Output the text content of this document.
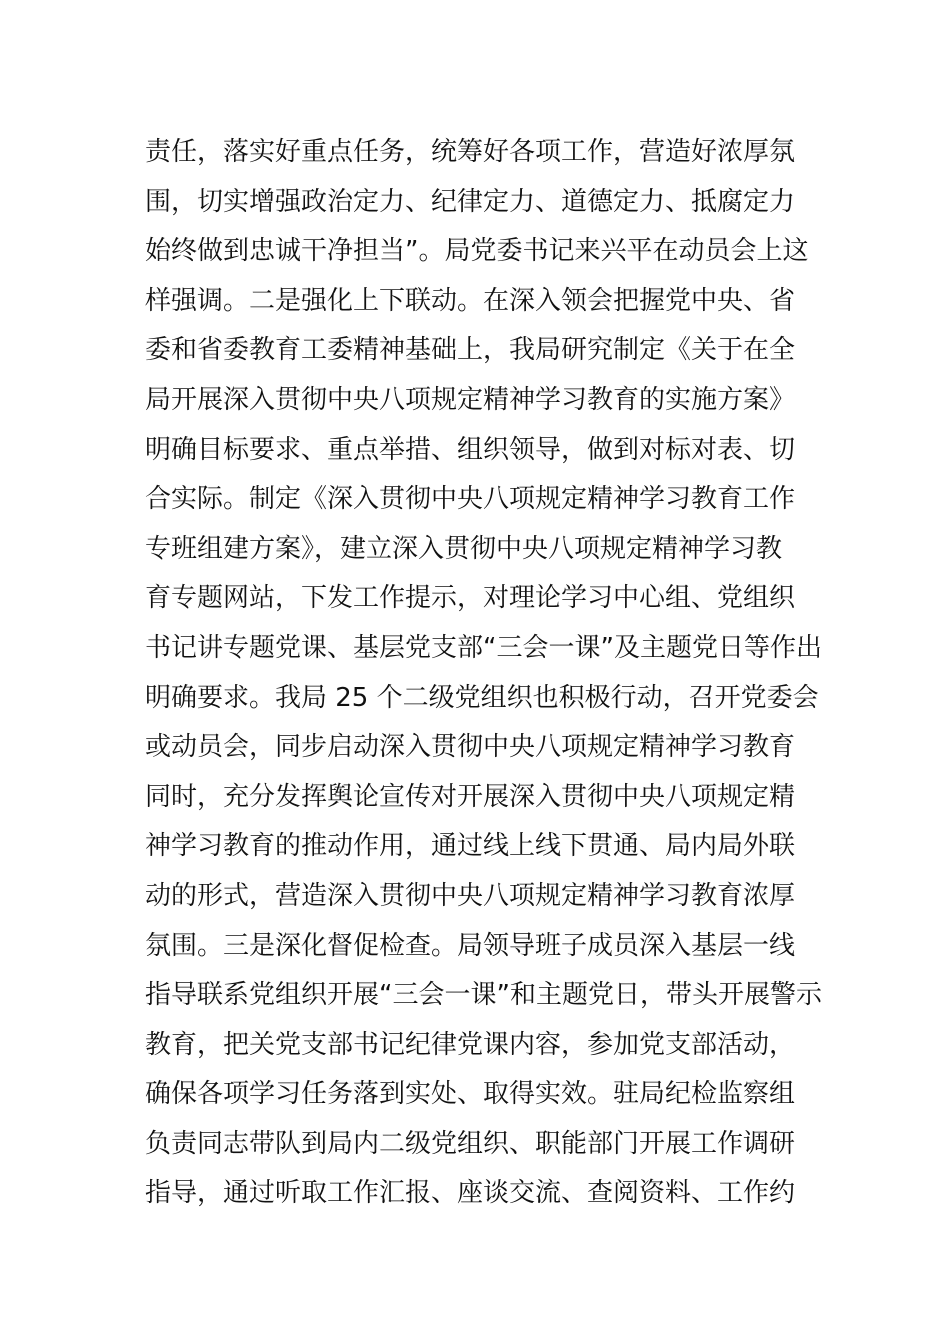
责任，落实好重点任务，统筹好各项工作，营造好浓厚氛
围，切实增强政治定力、纪律定力、道德定力、抵腐定力
始终做到忠诚干净担当”。局党委书记来兴平在动员会上这
样强调。二是强化上下联动。在深入领会把握党中央、省
委和省委教育工委精神基础上，我局研究制定《关于在全
局开展深入贯彻中央八项规定精神学习教育的实施方案》
明确目标要求、重点举措、组织领导，做到对标对表、切
合实际。制定《深入贯彻中央八项规定精神学习教育工作
专班组建方案》，建立深入贯彻中央八项规定精神学习教
育专题网站，下发工作提示，对理论学习中心组、党组织
书记讲专题党课、基层党支部“三会一课”及主题党日等作出
明确要求。我局 25 个二级党组织也积极行动，召开党委会
或动员会，同步启动深入贯彻中央八项规定精神学习教育
同时，充分发挥舆论宣传对开展深入贯彻中央八项规定精
神学习教育的推动作用，通过线上线下贯通、局内局外联
动的形式，营造深入贯彻中央八项规定精神学习教育浓厚
氛围。三是深化督促检查。局领导班子成员深入基层一线
指导联系党组织开展“三会一课”和主题党日，带头开展警示
教育，把关党支部书记纪律党课内容，参加党支部活动，
确保各项学习任务落到实处、取得实效。驻局纪检监察组
负责同志带队到局内二级党组织、职能部门开展工作调研
指导，通过听取工作汇报、座谈交流、查阅资料、工作约
